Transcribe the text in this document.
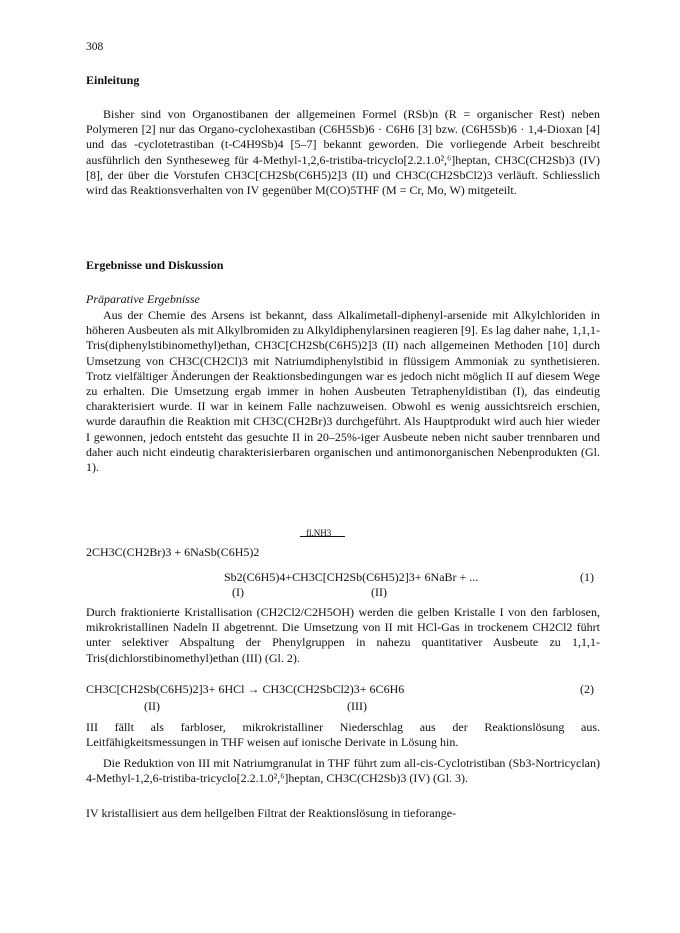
308
Einleitung

Bisher sind von Organostibanen der allgemeinen Formel (RSb)n (R = organischer Rest) neben Polymeren [2] nur das Organo-cyclohexastiban (C6H5Sb)6 · C6H6 [3] bzw. (C6H5Sb)6 · 1,4-Dioxan [4] und das -cyclotetrastiban (t-C4H9Sb)4 [5–7] bekannt geworden. Die vorliegende Arbeit beschreibt ausführlich den Syntheseweg für 4-Methyl-1,2,6-tristiba-tricyclo[2.2.1.0²,⁶]heptan, CH3C(CH2Sb)3 (IV) [8], der über die Vorstufen CH3C[CH2Sb(C6H5)2]3 (II) und CH3C(CH2SbCl2)3 verläuft. Schliesslich wird das Reaktionsverhalten von IV gegenüber M(CO)5THF (M = Cr, Mo, W) mitgeteilt.

Ergebnisse und Diskussion
Präparative Ergebnisse

Aus der Chemie des Arsens ist bekannt, dass Alkalimetall-diphenyl-arsenide mit Alkylchloriden in höheren Ausbeuten als mit Alkylbromiden zu Alkyldiphenylarsinen reagieren [9]. Es lag daher nahe, 1,1,1-Tris(diphenylstibinomethyl)ethan, CH3C[CH2Sb(C6H5)2]3 (II) nach allgemeinen Methoden [10] durch Umsetzung von CH3C(CH2Cl)3 mit Natriumdiphenylstibid in flüssigem Ammoniak zu synthetisieren. Trotz vielfältiger Änderungen der Reaktionsbedingungen war es jedoch nicht möglich II auf diesem Wege zu erhalten. Die Umsetzung ergab immer in hohen Ausbeuten Tetraphenyldistiban (I), das eindeutig charakterisiert wurde. II war in keinem Falle nachzuweisen. Obwohl es wenig aussichtsreich erschien, wurde daraufhin die Reaktion mit CH3C(CH2Br)3 durchgeführt. Als Hauptprodukt wird auch hier wieder I gewonnen, jedoch entsteht das gesuchte II in 20–25%-iger Ausbeute neben nicht sauber trennbaren und daher auch nicht eindeutig charakterisierbaren organischen und antimonorganischen Nebenprodukten (Gl. 1).

2CH3C(CH2Br)3 + 6NaSb(C6H5)2
fl.NH3
Sb2(C6H5)4+CH3C[CH2Sb(C6H5)2]3+ 6NaBr + ...
(I)	(II)
(1)

Durch fraktionierte Kristallisation (CH2Cl2/C2H5OH) werden die gelben Kristalle I von den farblosen, mikrokristallinen Nadeln II abgetrennt. Die Umsetzung von II mit HCl-Gas in trockenem CH2Cl2 führt unter selektiver Abspaltung der Phenylgruppen in nahezu quantitativer Ausbeute zu 1,1,1-Tris(dichlorstibinomethyl)ethan (III) (Gl. 2).

CH3C[CH2Sb(C6H5)2]3+ 6HCl → CH3C(CH2SbCl2)3+ 6C6H6
(II)	(III)
(2)

III fällt als farbloser, mikrokristalliner Niederschlag aus der Reaktionslösung aus. Leitfähigkeitsmessungen in THF weisen auf ionische Derivate in Lösung hin.

Die Reduktion von III mit Natriumgranulat in THF führt zum all-cis-Cyclotristiban (Sb3-Nortricyclan) 4-Methyl-1,2,6-tristiba-tricyclo[2.2.1.0²,⁶]heptan, CH3C(CH2Sb)3 (IV) (Gl. 3).

IV kristallisiert aus dem hellgelben Filtrat der Reaktionslösung in tieforange-
